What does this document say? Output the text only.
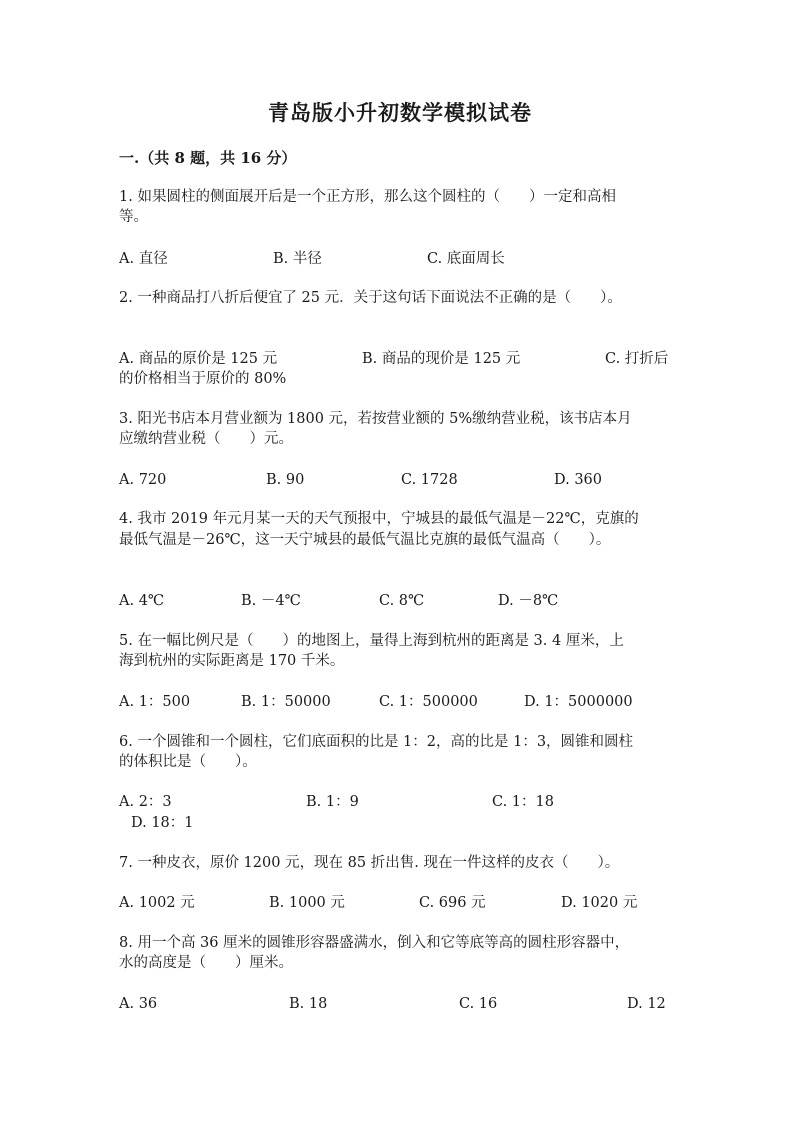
青岛版小升初数学模拟试卷
一.（共 8 题，共 16 分）
1. 如果圆柱的侧面展开后是一个正方形，那么这个圆柱的（　　）一定和高相
等。
A. 直径	B. 半径	C. 底面周长
2. 一种商品打八折后便宜了 25 元．关于这句话下面说法不正确的是（　　）。
A. 商品的原价是 125 元	B. 商品的现价是 125 元	C. 打折后
的价格相当于原价的 80%
3. 阳光书店本月营业额为 1800 元，若按营业额的 5%缴纳营业税，该书店本月
应缴纳营业税（　　）元。
A. 720	B. 90	C. 1728	D. 360
4. 我市 2019 年元月某一天的天气预报中，宁城县的最低气温是－22℃，克旗的
最低气温是－26℃，这一天宁城县的最低气温比克旗的最低气温高（　　）。
A. 4℃	B. －4℃	C. 8℃	D. －8℃
5. 在一幅比例尺是（　　）的地图上，量得上海到杭州的距离是 3. 4 厘米，上
海到杭州的实际距离是 170 千米。
A. 1：500	B. 1：50000	C. 1：500000	D. 1：5000000
6. 一个圆锥和一个圆柱，它们底面积的比是 1：2，高的比是 1：3，圆锥和圆柱
的体积比是（　　）。
A. 2：3	B. 1：9	C. 1：18
D. 18：1
7. 一种皮衣，原价 1200 元，现在 85 折出售. 现在一件这样的皮衣（　　）。
A. 1002 元	B. 1000 元	C. 696 元	D. 1020 元
8. 用一个高 36 厘米的圆锥形容器盛满水，倒入和它等底等高的圆柱形容器中，
水的高度是（　　）厘米。
A. 36	B. 18	C. 16	D. 12
